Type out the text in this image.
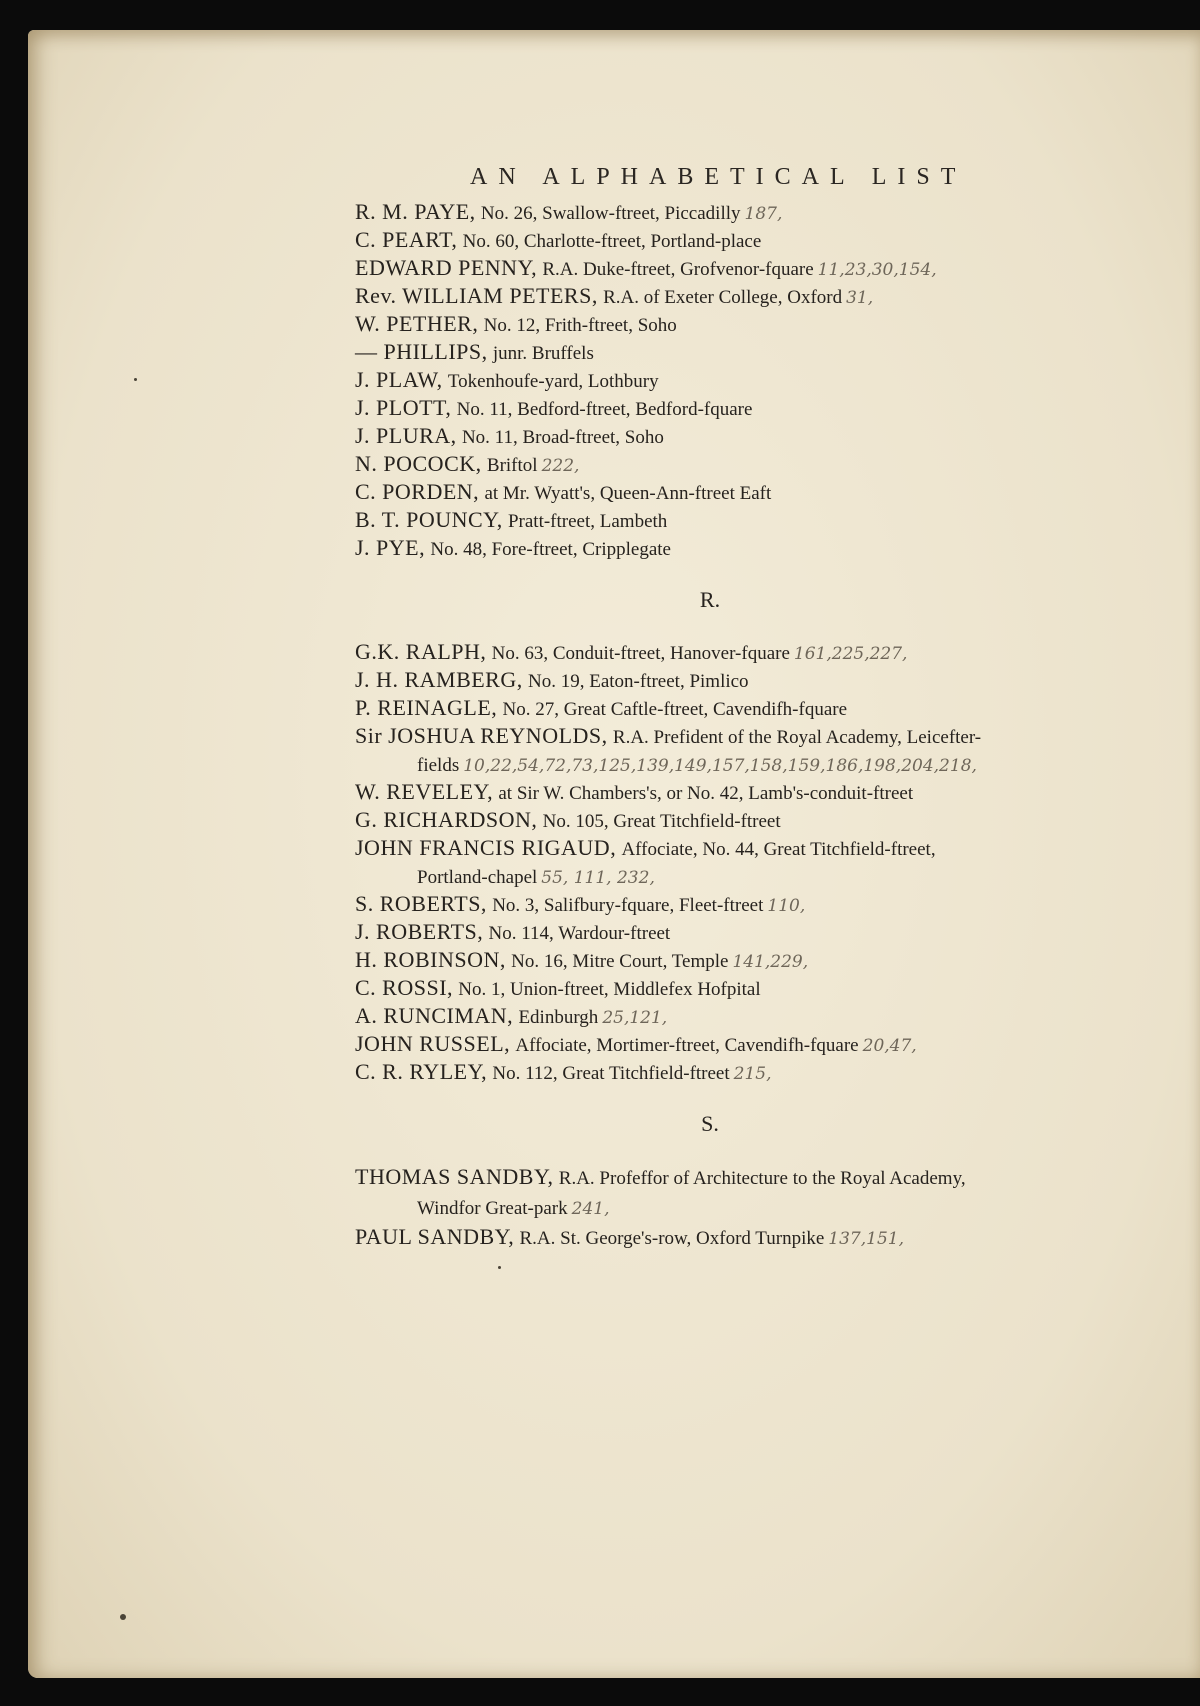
AN ALPHABETICAL LIST
R. M. PAYE, No. 26, Swallow-ftreet, Piccadilly 187,
C. PEART, No. 60, Charlotte-ftreet, Portland-place
EDWARD PENNY, R.A. Duke-ftreet, Grofvenor-fquare 11,23,30,154,
Rev. WILLIAM PETERS, R.A. of Exeter College, Oxford 31,
W. PETHER, No. 12, Frith-ftreet, Soho
— PHILLIPS, junr. Bruffels
J. PLAW, Tokenhoufe-yard, Lothbury
J. PLOTT, No. 11, Bedford-ftreet, Bedford-fquare
J. PLURA, No. 11, Broad-ftreet, Soho
N. POCOCK, Briftol 222,
C. PORDEN, at Mr. Wyatt's, Queen-Ann-ftreet Eaft
B. T. POUNCY, Pratt-ftreet, Lambeth
J. PYE, No. 48, Fore-ftreet, Cripplegate
R.
G.K. RALPH, No. 63, Conduit-ftreet, Hanover-fquare 161,225,227,
J. H. RAMBERG, No. 19, Eaton-ftreet, Pimlico
P. REINAGLE, No. 27, Great Caftle-ftreet, Cavendifh-fquare
Sir JOSHUA REYNOLDS, R.A. Prefident of the Royal Academy, Leicefter-
fields 10,22,54,72,73,125,139,149,157,158,159,186,198,204,218,
W. REVELEY, at Sir W. Chambers's, or No. 42, Lamb's-conduit-ftreet
G. RICHARDSON, No. 105, Great Titchfield-ftreet
JOHN FRANCIS RIGAUD, Affociate, No. 44, Great Titchfield-ftreet,
Portland-chapel 55, 111, 232,
S. ROBERTS, No. 3, Salifbury-fquare, Fleet-ftreet 110,
J. ROBERTS, No. 114, Wardour-ftreet
H. ROBINSON, No. 16, Mitre Court, Temple 141,229,
C. ROSSI, No. 1, Union-ftreet, Middlefex Hofpital
A. RUNCIMAN, Edinburgh 25,121,
JOHN RUSSEL, Affociate, Mortimer-ftreet, Cavendifh-fquare 20,47,
C. R. RYLEY, No. 112, Great Titchfield-ftreet 215,
S.
THOMAS SANDBY, R.A. Profeffor of Architecture to the Royal Academy,
Windfor Great-park 241,
PAUL SANDBY, R.A. St. George's-row, Oxford Turnpike 137,151,
